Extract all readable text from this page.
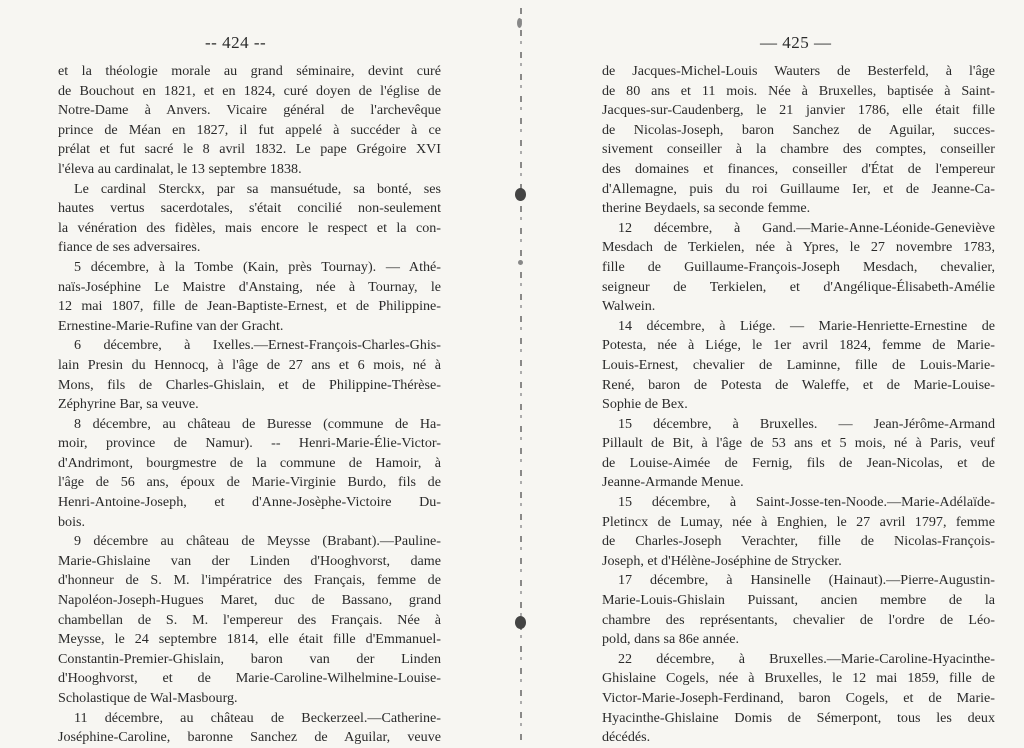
-- 424 --
et la théologie morale au grand séminaire, devint curé
de Bouchout en 1821, et en 1824, curé doyen de l'église de
Notre-Dame à Anvers. Vicaire général de l'archevêque
prince de Méan en 1827, il fut appelé à succéder à ce
prélat et fut sacré le 8 avril 1832. Le pape Grégoire XVI
l'éleva au cardinalat, le 13 septembre 1838.
Le cardinal Sterckx, par sa mansuétude, sa bonté, ses
hautes vertus sacerdotales, s'était concilié non-seulement
la vénération des fidèles, mais encore le respect et la con-
fiance de ses adversaires.
5 décembre, à la Tombe (Kain, près Tournay). — Athé-
naïs-Joséphine Le Maistre d'Anstaing, née à Tournay, le
12 mai 1807, fille de Jean-Baptiste-Ernest, et de Philippine-
Ernestine-Marie-Rufine van der Gracht.
6 décembre, à Ixelles.—Ernest-François-Charles-Ghis-
lain Presin du Hennocq, à l'âge de 27 ans et 6 mois, né à
Mons, fils de Charles-Ghislain, et de Philippine-Thérèse-
Zéphyrine Bar, sa veuve.
8 décembre, au château de Buresse (commune de Ha-
moir, province de Namur). -- Henri-Marie-Élie-Victor-
d'Andrimont, bourgmestre de la commune de Hamoir, à
l'âge de 56 ans, époux de Marie-Virginie Burdo, fils de
Henri-Antoine-Joseph, et d'Anne-Josèphe-Victoire Du-
bois.
9 décembre au château de Meysse (Brabant).—Pauline-
Marie-Ghislaine van der Linden d'Hooghvorst, dame
d'honneur de S. M. l'impératrice des Français, femme de
Napoléon-Joseph-Hugues Maret, duc de Bassano, grand
chambellan de S. M. l'empereur des Français. Née à
Meysse, le 24 septembre 1814, elle était fille d'Emmanuel-
Constantin-Premier-Ghislain, baron van der Linden
d'Hooghvorst, et de Marie-Caroline-Wilhelmine-Louise-
Scholastique de Wal-Masbourg.
11 décembre, au château de Beckerzeel.—Catherine-
Joséphine-Caroline, baronne Sanchez de Aguilar, veuve
— 425 —
de Jacques-Michel-Louis Wauters de Besterfeld, à l'âge
de 80 ans et 11 mois. Née à Bruxelles, baptisée à Saint-
Jacques-sur-Caudenberg, le 21 janvier 1786, elle était fille
de Nicolas-Joseph, baron Sanchez de Aguilar, succes-
sivement conseiller à la chambre des comptes, conseiller
des domaines et finances, conseiller d'État de l'empereur
d'Allemagne, puis du roi Guillaume Ier, et de Jeanne-Ca-
therine Beydaels, sa seconde femme.
12 décembre, à Gand.—Marie-Anne-Léonide-Geneviève
Mesdach de Terkielen, née à Ypres, le 27 novembre 1783,
fille de Guillaume-François-Joseph Mesdach, chevalier,
seigneur de Terkielen, et d'Angélique-Élisabeth-Amélie
Walwein.
14 décembre, à Liége. — Marie-Henriette-Ernestine de
Potesta, née à Liége, le 1er avril 1824, femme de Marie-
Louis-Ernest, chevalier de Laminne, fille de Louis-Marie-
René, baron de Potesta de Waleffe, et de Marie-Louise-
Sophie de Bex.
15 décembre, à Bruxelles. — Jean-Jérôme-Armand
Pillault de Bit, à l'âge de 53 ans et 5 mois, né à Paris, veuf
de Louise-Aimée de Fernig, fils de Jean-Nicolas, et de
Jeanne-Armande Menue.
15 décembre, à Saint-Josse-ten-Noode.—Marie-Adélaïde-
Pletincx de Lumay, née à Enghien, le 27 avril 1797, femme
de Charles-Joseph Verachter, fille de Nicolas-François-
Joseph, et d'Hélène-Joséphine de Strycker.
17 décembre, à Hansinelle (Hainaut).—Pierre-Augustin-
Marie-Louis-Ghislain Puissant, ancien membre de la
chambre des représentants, chevalier de l'ordre de Léo-
pold, dans sa 86e année.
22 décembre, à Bruxelles.—Marie-Caroline-Hyacinthe-
Ghislaine Cogels, née à Bruxelles, le 12 mai 1859, fille de
Victor-Marie-Joseph-Ferdinand, baron Cogels, et de Marie-
Hyacinthe-Ghislaine Domis de Sémerpont, tous les deux
décédés.
